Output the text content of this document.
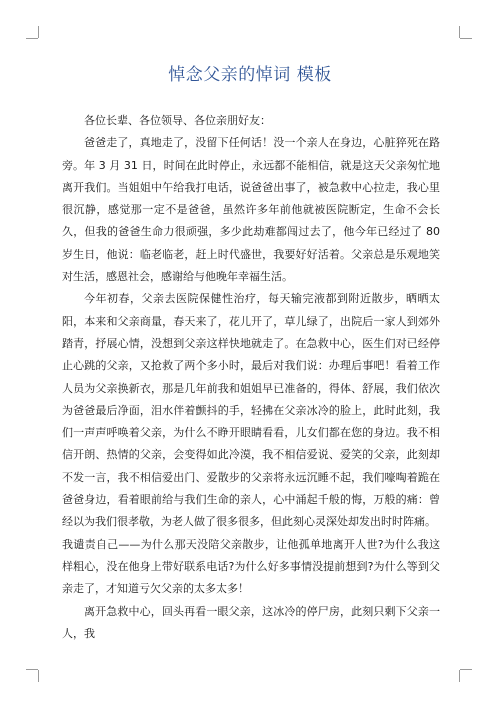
悼念父亲的悼词 模板

各位长辈、各位领导、各位亲朋好友：

爸爸走了，真地走了，没留下任何话！没一个亲人在身边，心脏猝死在路旁。年 3 月 31 日，时间在此时停止，永远都不能相信，就是这天父亲匆忙地离开我们。当姐姐中午给我打电话，说爸爸出事了，被急救中心拉走，我心里很沉静，感觉那一定不是爸爸，虽然许多年前他就被医院断定，生命不会长久，但我的爸爸生命力很顽强，多少此劫难都闯过去了，他今年已经过了 80 岁生日，他说：临老临老，赶上时代盛世，我要好好活着。父亲总是乐观地笑对生活，感恩社会，感谢给与他晚年幸福生活。

今年初春，父亲去医院保健性治疗，每天输完液都到附近散步，晒晒太阳，本来和父亲商量，春天来了，花儿开了，草儿绿了，出院后一家人到郊外踏青，抒展心情，没想到父亲这样快地就走了。在急救中心，医生们对已经停止心跳的父亲，又抢救了两个多小时，最后对我们说：办理后事吧！看着工作人员为父亲换新衣，那是几年前我和姐姐早已准备的，得体、舒展，我们依次为爸爸最后净面，泪水伴着颤抖的手，轻拂在父亲冰冷的脸上，此时此刻，我们一声声呼唤着父亲，为什么不睁开眼睛看看，儿女们都在您的身边。我不相信开朗、热情的父亲，会变得如此冷漠，我不相信爱说、爱笑的父亲，此刻却不发一言，我不相信爱出门、爱散步的父亲将永远沉睡不起，我们嚎啕着跪在爸爸身边，看着眼前给与我们生命的亲人，心中涌起千般的悔，万般的痛：曾经以为我们很孝敬，为老人做了很多很多，但此刻心灵深处却发出时时阵痛。

我谴责自己——为什么那天没陪父亲散步，让他孤单地离开人世?为什么我这样粗心，没在他身上带好联系电话?为什么好多事情没提前想到?为什么等到父亲走了，才知道亏欠父亲的太多太多！

离开急救中心，回头再看一眼父亲，这冰冷的停尸房，此刻只剩下父亲一人，我
